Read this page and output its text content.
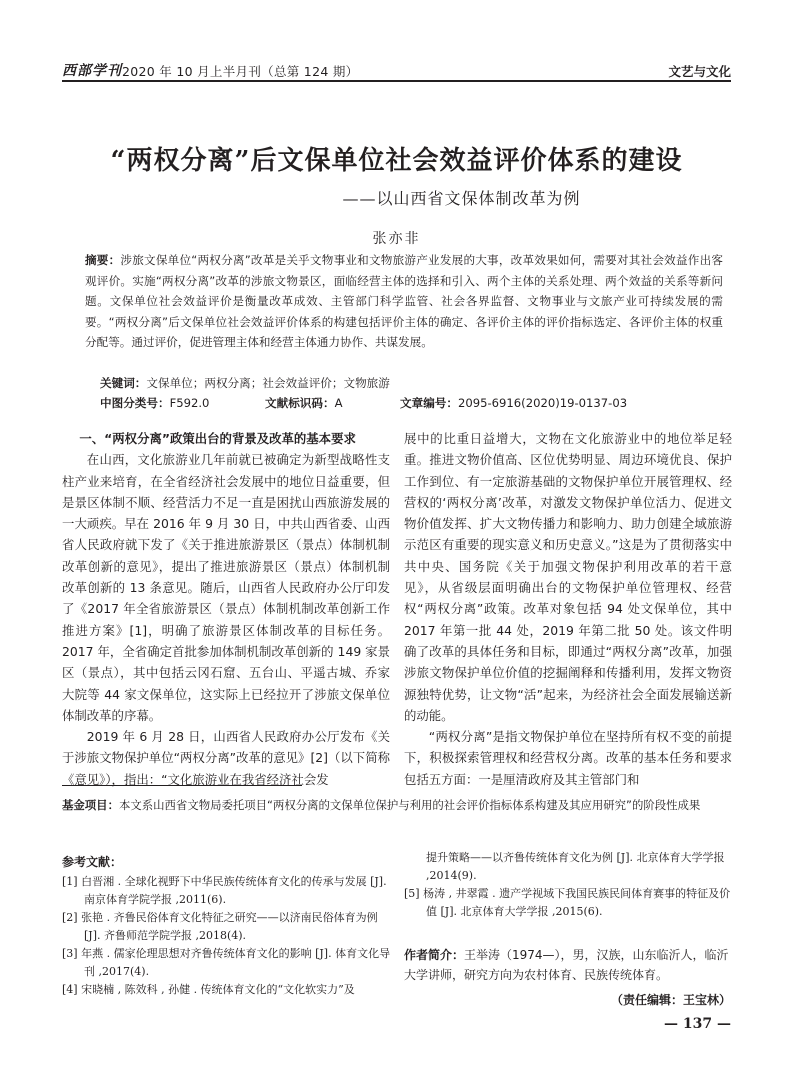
西部学刊 2020 年 10 月上半月刊（总第 124 期）	文艺与文化
“两权分离”后文保单位社会效益评价体系的建设
——以山西省文保体制改革为例
张亦非
摘要：涉旅文保单位“两权分离”改革是关乎文物事业和文物旅游产业发展的大事，改革效果如何，需要对其社会效益作出客观评价。实施“两权分离”改革的涉旅文物景区，面临经营主体的选择和引入、两个主体的关系处理、两个效益的关系等新问题。文保单位社会效益评价是衡量改革成效、主管部门科学监管、社会各界监督、文物事业与文旅产业可持续发展的需要。“两权分离”后文保单位社会效益评价体系的构建包括评价主体的确定、各评价主体的评价指标选定、各评价主体的权重分配等。通过评价，促进管理主体和经营主体通力协作、共谋发展。
关键词：文保单位；两权分离；社会效益评价；文物旅游
中图分类号： F592.0	文献标识码： A	文章编号： 2095-6916(2020)19-0137-03
一、“两权分离”政策出台的背景及改革的基本要求

在山西，文化旅游业几年前就已被确定为新型战略性支柱产业来培育，在全省经济社会发展中的地位日益重要，但是景区体制不顺、经营活力不足一直是困扰山西旅游发展的一大顽疾。早在 2016 年 9 月 30 日，中共山西省委、山西省人民政府就下发了《关于推进旅游景区（景点）体制机制改革创新的意见》，提出了推进旅游景区（景点）体制机制改革创新的 13 条意见。随后，山西省人民政府办公厅印发了《2017 年全省旅游景区（景点）体制机制改革创新工作推进方案》[1]，明确了旅游景区体制改革的目标任务。2017 年，全省确定首批参加体制机制改革创新的 149 家景区（景点），其中包括云冈石窟、五台山、平遥古城、乔家大院等 44 家文保单位，这实际上已经拉开了涉旅文保单位体制改革的序幕。

2019 年 6 月 28 日，山西省人民政府办公厅发布《关于涉旅文物保护单位“两权分离”改革的意见》[2]（以下简称《意见》），指出：“文化旅游业在我省经济社会发

展中的比重日益增大，文物在文化旅游业中的地位举足轻重。推进文物价值高、区位优势明显、周边环境优良、保护工作到位、有一定旅游基础的文物保护单位开展管理权、经营权的‘两权分离’改革，对激发文物保护单位活力、促进文物价值发挥、扩大文物传播力和影响力、助力创建全域旅游示范区有重要的现实意义和历史意义。”这是为了贯彻落实中共中央、国务院《关于加强文物保护利用改革的若干意见》，从省级层面明确出台的文物保护单位管理权、经营权“两权分离”政策。改革对象包括 94 处文保单位，其中 2017 年第一批 44 处，2019 年第二批 50 处。该文件明确了改革的具体任务和目标，即通过“两权分离”改革，加强涉旅文物保护单位价值的挖掘阐释和传播利用，发挥文物资源独特优势，让文物“活”起来，为经济社会全面发展输送新的动能。

“两权分离”是指文物保护单位在坚持所有权不变的前提下，积极探索管理权和经营权分离。改革的基本任务和要求包括五方面：一是厘清政府及其主管部门和

基金项目：本文系山西省文物局委托项目“两权分离的文保单位保护与利用的社会评价指标体系构建及其应用研究”的阶段性成果
参考文献：
[1] 白晋湘 . 全球化视野下中华民族传统体育文化的传承与发展 [J]. 南京体育学院学报 ,2011(6).
[2] 张艳 . 齐鲁民俗体育文化特征之研究——以济南民俗体育为例 [J]. 齐鲁师范学院学报 ,2018(4).
[3] 年燕 . 儒家伦理思想对齐鲁传统体育文化的影响 [J]. 体育文化导刊 ,2017(4).
[4] 宋晓楠 , 陈效科 , 孙健 . 传统体育文化的“文化软实力”及
提升策略——以齐鲁传统体育文化为例 [J]. 北京体育大学学报 ,2014(9).
[5] 杨涛 , 井翠霞 . 遗产学视域下我国民族民间体育赛事的特征及价值 [J]. 北京体育大学学报 ,2015(6).
作者简介：王举涛（1974—），男，汉族，山东临沂人，临沂大学讲师，研究方向为农村体育、民族传统体育。
（责任编辑：王宝林）
— 137 —
